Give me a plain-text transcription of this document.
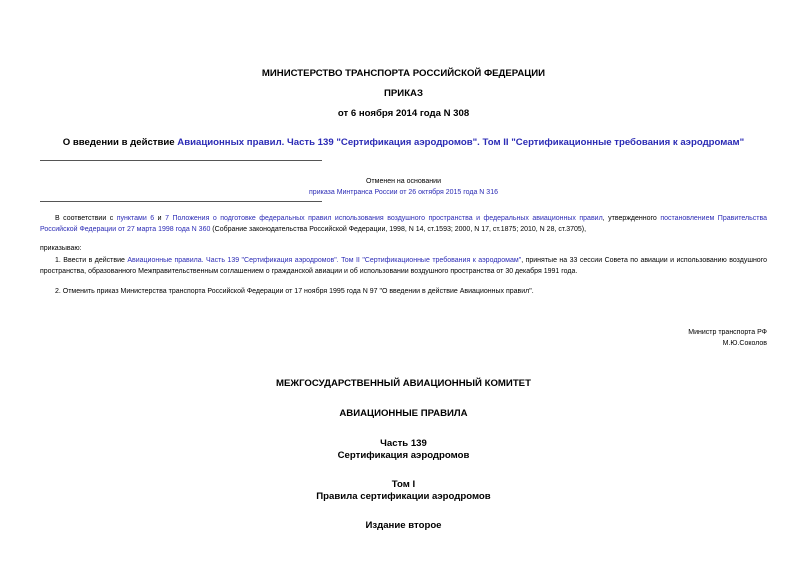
МИНИСТЕРСТВО ТРАНСПОРТА РОССИЙСКОЙ ФЕДЕРАЦИИ
ПРИКАЗ
от 6 ноября 2014 года N 308
О введении в действие Авиационных правил. Часть 139 "Сертификация аэродромов". Том II "Сертификационные требования к аэродромам"
Отменен на основании
приказа Минтранса России от 26 октября 2015 года N 316
В соответствии с пунктами 6 и 7 Положения о подготовке федеральных правил использования воздушного пространства и федеральных авиационных правил, утвержденного постановлением Правительства Российской Федерации от 27 марта 1998 года N 360 (Собрание законодательства Российской Федерации, 1998, N 14, ст.1593; 2000, N 17, ст.1875; 2010, N 28, ст.3705),
приказываю:
1. Ввести в действие Авиационные правила. Часть 139 "Сертификация аэродромов". Том II "Сертификационные требования к аэродромам", принятые на 33 сессии Совета по авиации и использованию воздушного пространства, образованного Межправительственным соглашением о гражданской авиации и об использовании воздушного пространства от 30 декабря 1991 года.
2. Отменить приказ Министерства транспорта Российской Федерации от 17 ноября 1995 года N 97 "О введении в действие Авиационных правил".
Министр транспорта РФ
М.Ю.Соколов
МЕЖГОСУДАРСТВЕННЫЙ АВИАЦИОННЫЙ КОМИТЕТ
АВИАЦИОННЫЕ ПРАВИЛА
Часть 139
Сертификация аэродромов
Том I
Правила сертификации аэродромов
Издание второе
